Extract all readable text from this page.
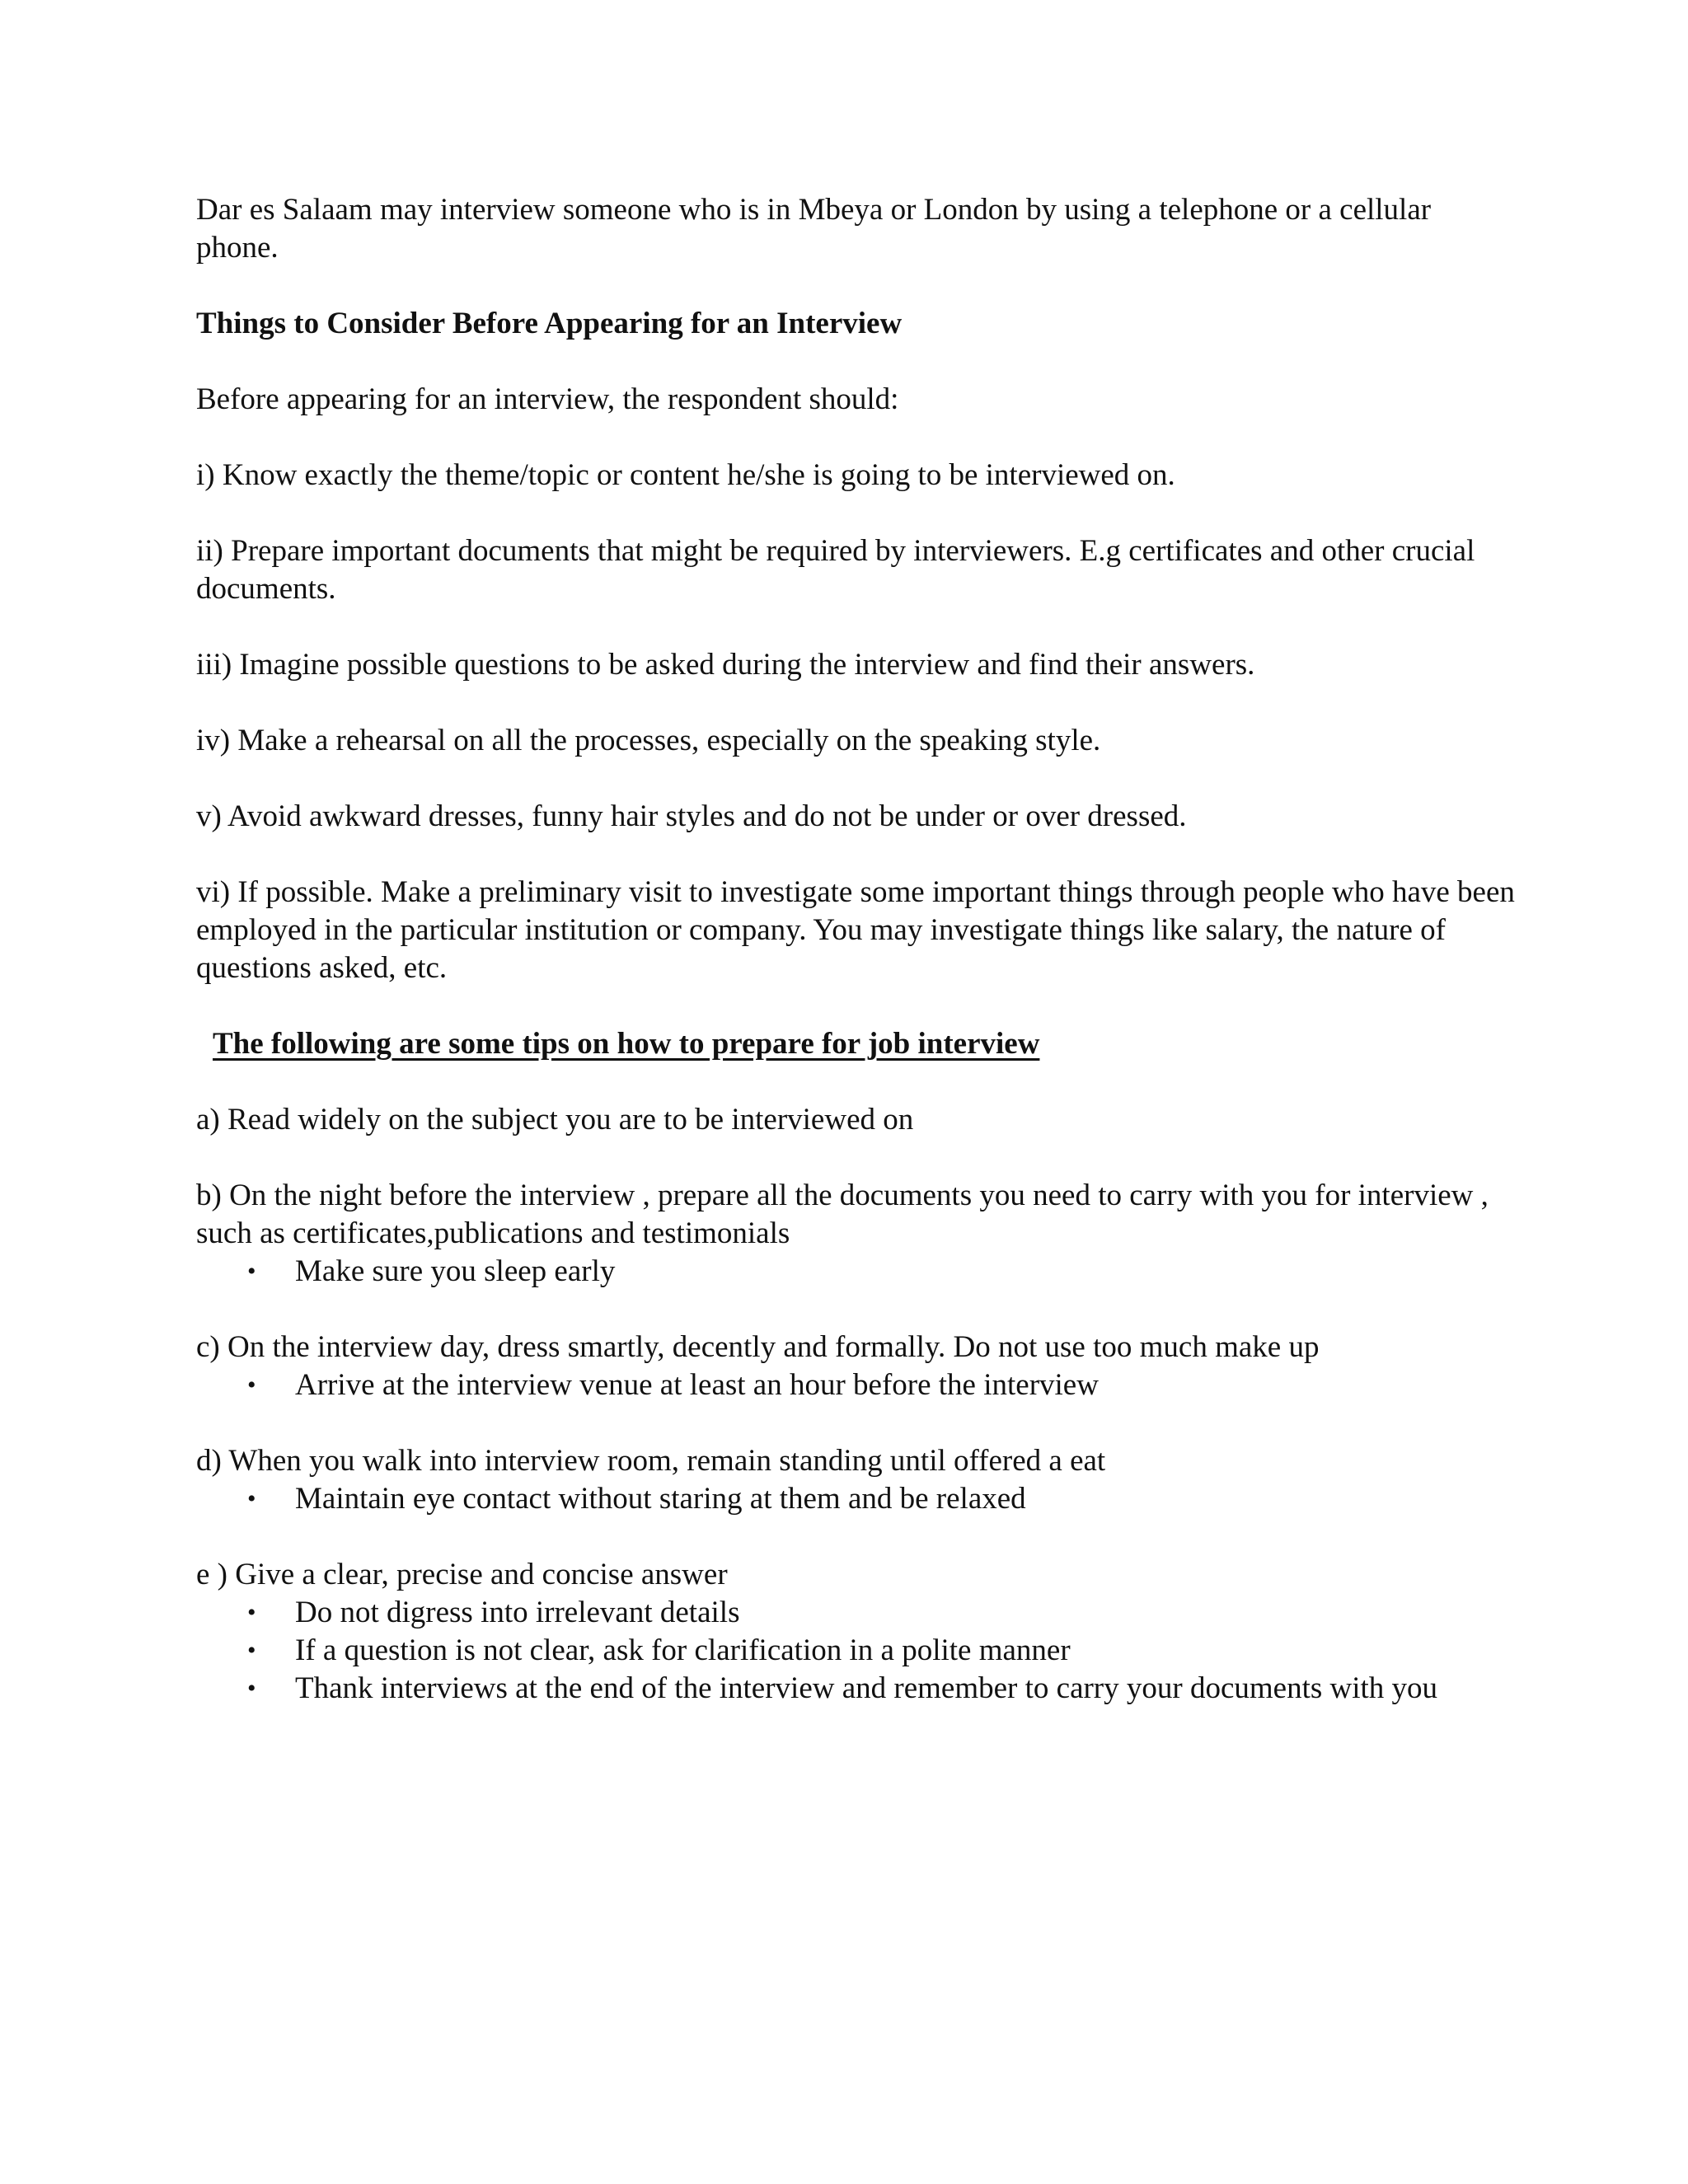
Dar es Salaam may interview someone who is in Mbeya or London by using a telephone or a cellular phone.

Things to Consider Before Appearing for an Interview

Before appearing for an interview, the respondent should:

i) Know exactly the theme/topic or content he/she is going to be interviewed on.

ii) Prepare important documents that might be required by interviewers. E.g certificates and other crucial documents.

iii) Imagine possible questions to be asked during the interview and find their answers.

iv) Make a rehearsal on all the processes, especially on the speaking style.

v) Avoid awkward dresses, funny hair styles and do not be under or over dressed.

vi) If possible. Make a preliminary visit to investigate some important things through people who have been employed in the particular institution or company. You may investigate things like salary, the nature of questions asked, etc.

The following are some tips on how to prepare for job interview

a) Read widely on the subject you are to be interviewed on

b) On the night before the interview , prepare all the documents you need to carry with you for interview , such as certificates,publications and testimonials

• Make sure you sleep early

c) On the interview day, dress smartly, decently and formally. Do not use too much make up

• Arrive at the interview venue at least an hour before the interview

d) When you walk into interview room, remain standing until offered a eat

• Maintain eye contact without staring at them and be relaxed

e ) Give a clear, precise and concise answer

• Do not digress into irrelevant details
• If a question is not clear, ask for clarification in a polite manner
• Thank interviews at the end of the interview and remember to carry your documents with you
